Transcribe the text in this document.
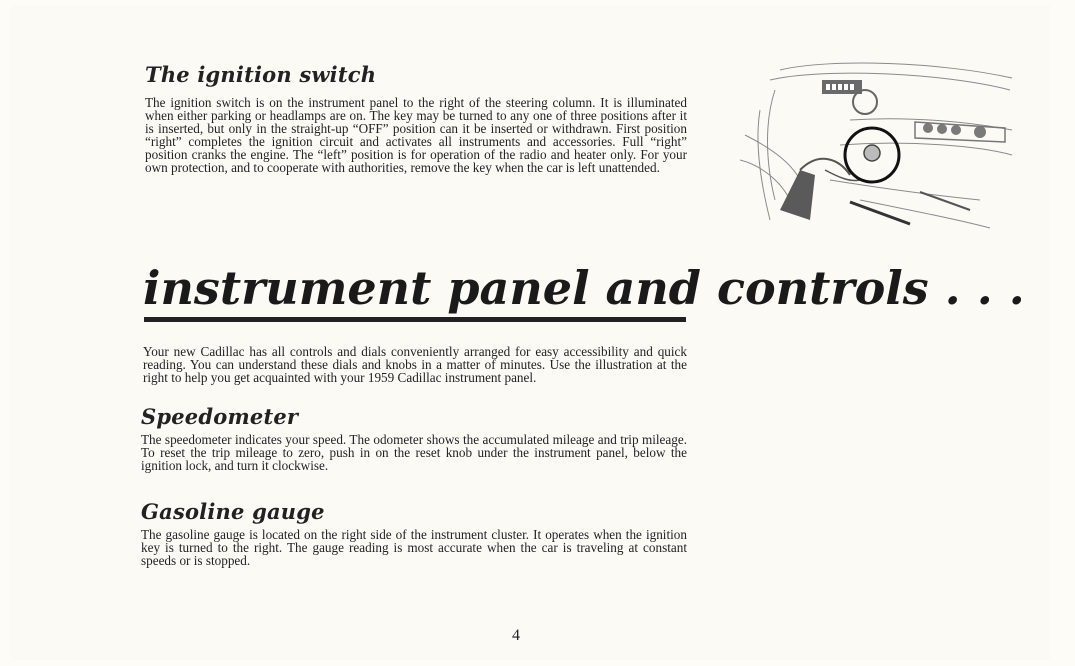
The ignition switch

The ignition switch is on the instrument panel to the right of the steering column. It is illuminated when either parking or headlamps are on. The key may be turned to any one of three positions after it is inserted, but only in the straight-up “OFF” position can it be inserted or withdrawn. First position “right” completes the ignition circuit and activates all instruments and accessories. Full “right” position cranks the engine. The “left” position is for operation of the radio and heater only. For your own protection, and to cooperate with authorities, remove the key when the car is left unattended.

instrument panel and controls . . .

Your new Cadillac has all controls and dials conveniently arranged for easy accessibility and quick reading. You can understand these dials and knobs in a matter of minutes. Use the illustration at the right to help you get acquainted with your 1959 Cadillac instrument panel.

Speedometer

The speedometer indicates your speed. The odometer shows the accumulated mileage and trip mileage. To reset the trip mileage to zero, push in on the reset knob under the instrument panel, below the ignition lock, and turn it clockwise.

Gasoline gauge

The gasoline gauge is located on the right side of the instrument cluster. It operates when the ignition key is turned to the right. The gauge reading is most accurate when the car is traveling at constant speeds or is stopped.

4
